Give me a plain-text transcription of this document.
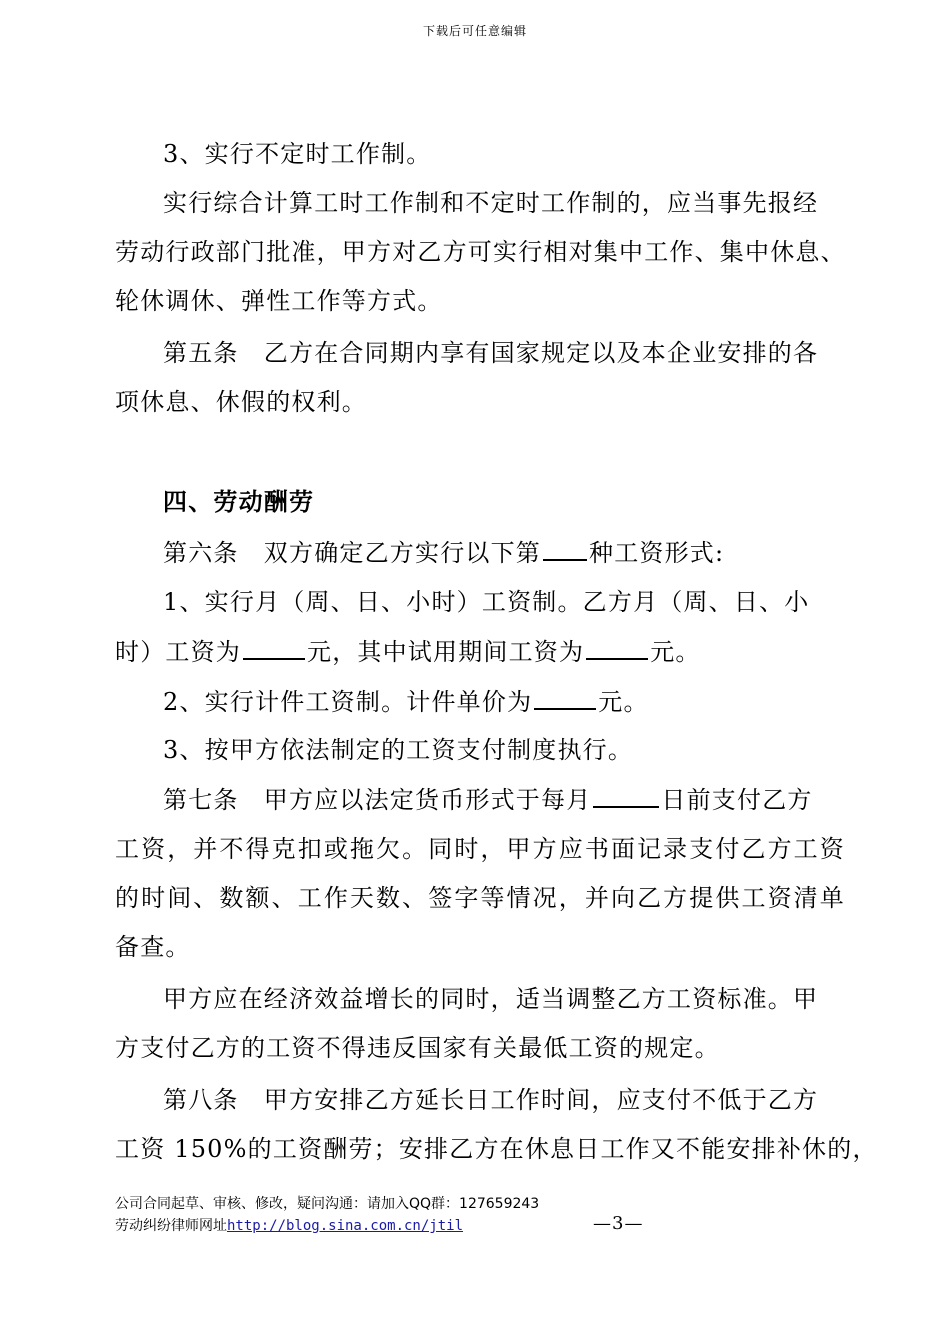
下载后可任意编辑
3、实行不定时工作制。
实行综合计算工时工作制和不定时工作制的，应当事先报经
劳动行政部门批准，甲方对乙方可实行相对集中工作、集中休息、
轮休调休、弹性工作等方式。
第五条　乙方在合同期内享有国家规定以及本企业安排的各
项休息、休假的权利。
四、劳动酬劳
第六条　双方确定乙方实行以下第 种工资形式:
1、实行月（周、日、小时）工资制。乙方月（周、日、小
时）工资为	元，其中试用期间工资为	元。
2、实行计件工资制。计件单价为	元。
3、按甲方依法制定的工资支付制度执行。
第七条　甲方应以法定货币形式于每月	日前支付乙方
工资，并不得克扣或拖欠。同时，甲方应书面记录支付乙方工资
的时间、数额、工作天数、签字等情况，并向乙方提供工资清单
备查。
甲方应在经济效益增长的同时，适当调整乙方工资标准。甲
方支付乙方的工资不得违反国家有关最低工资的规定。
第八条　甲方安排乙方延长日工作时间，应支付不低于乙方
工资 150%的工资酬劳；安排乙方在休息日工作又不能安排补休的，
公司合同起草、审核、修改，疑问沟通：请加入QQ群：127659243
劳动纠纷律师网址http://blog.sina.com.cn/jtil	—3—
